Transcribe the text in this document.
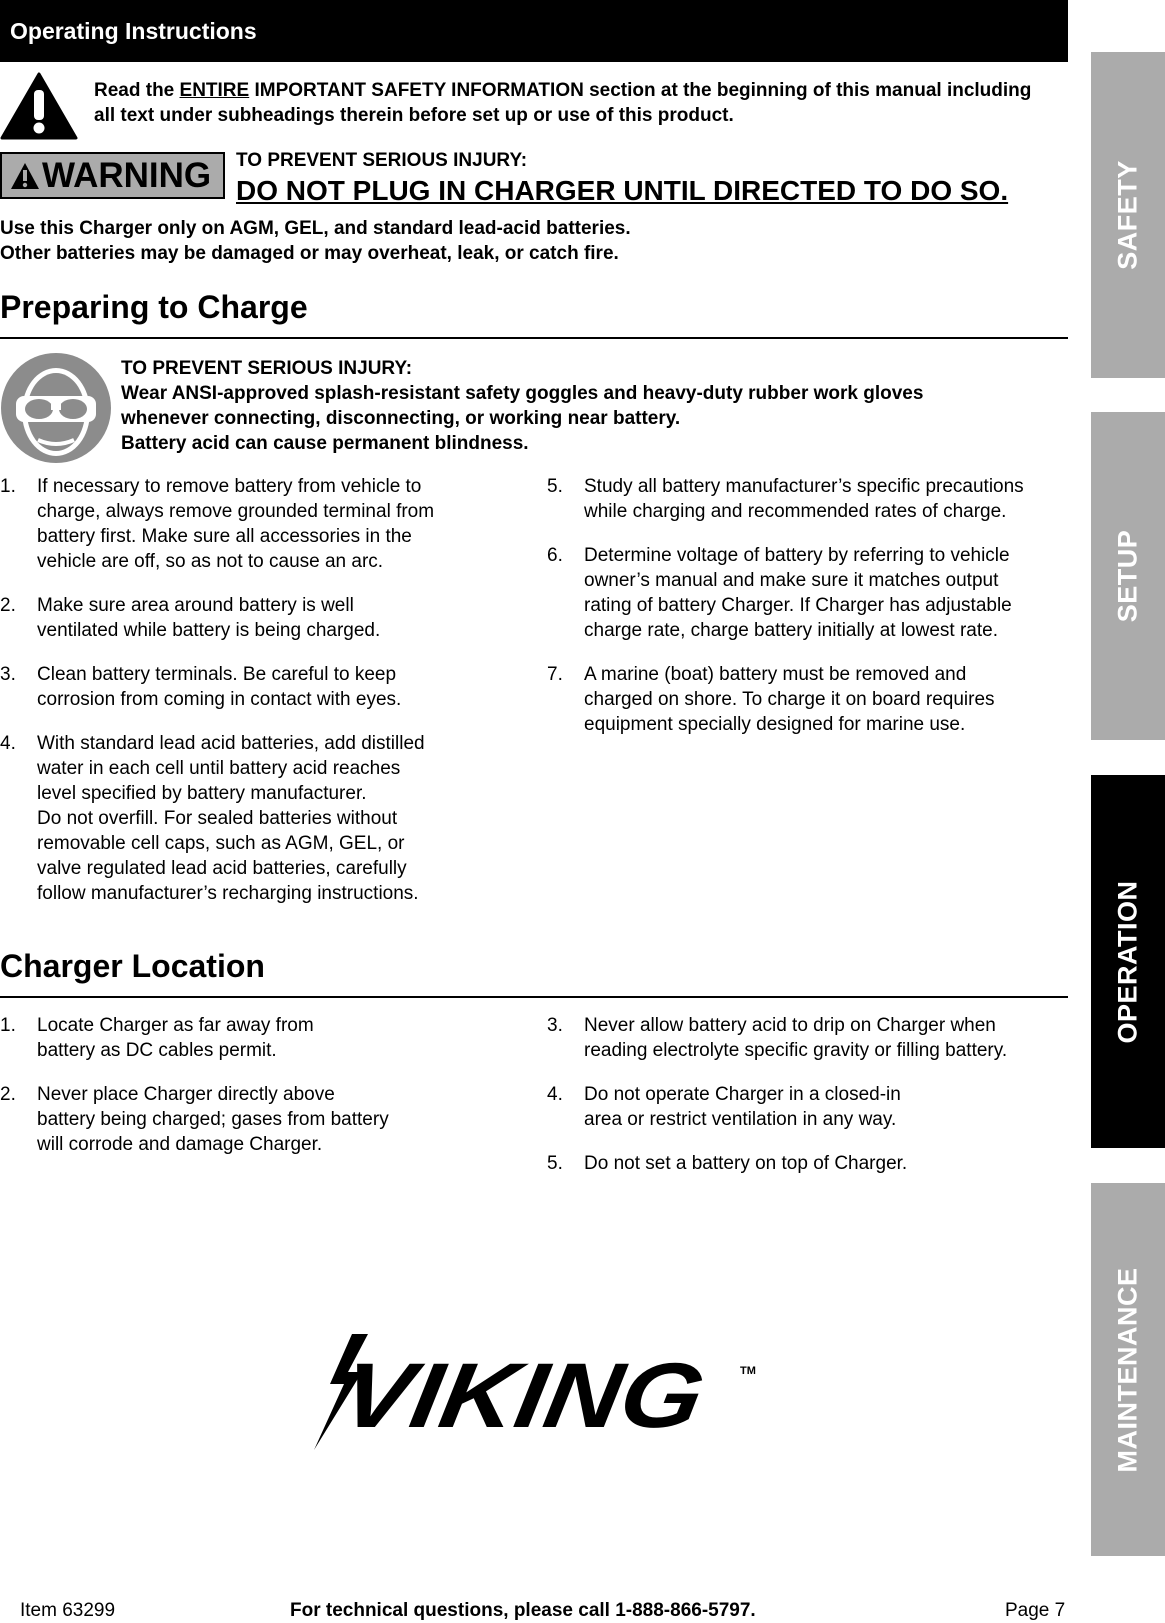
Operating Instructions
Read the ENTIRE IMPORTANT SAFETY INFORMATION section at the beginning of this manual including all text under subheadings therein before set up or use of this product.
WARNING TO PREVENT SERIOUS INJURY:
DO NOT PLUG IN CHARGER UNTIL DIRECTED TO DO SO.
Use this Charger only on AGM, GEL, and standard lead-acid batteries.
Other batteries may be damaged or may overheat, leak, or catch fire.
Preparing to Charge
TO PREVENT SERIOUS INJURY:
Wear ANSI-approved splash-resistant safety goggles and heavy-duty rubber work gloves
whenever connecting, disconnecting, or working near battery.
Battery acid can cause permanent blindness.
1. If necessary to remove battery from vehicle to
charge, always remove grounded terminal from
battery first. Make sure all accessories in the
vehicle are off, so as not to cause an arc.
2. Make sure area around battery is well
ventilated while battery is being charged.
3. Clean battery terminals. Be careful to keep
corrosion from coming in contact with eyes.
4. With standard lead acid batteries, add distilled
water in each cell until battery acid reaches
level specified by battery manufacturer.
Do not overfill. For sealed batteries without
removable cell caps, such as AGM, GEL, or
valve regulated lead acid batteries, carefully
follow manufacturer’s recharging instructions.
5. Study all battery manufacturer’s specific precautions
while charging and recommended rates of charge.
6. Determine voltage of battery by referring to vehicle
owner’s manual and make sure it matches output
rating of battery Charger. If Charger has adjustable
charge rate, charge battery initially at lowest rate.
7. A marine (boat) battery must be removed and
charged on shore. To charge it on board requires
equipment specially designed for marine use.
Charger Location
1. Locate Charger as far away from
battery as DC cables permit.
2. Never place Charger directly above
battery being charged; gases from battery
will corrode and damage Charger.
3. Never allow battery acid to drip on Charger when
reading electrolyte specific gravity or filling battery.
4. Do not operate Charger in a closed-in
area or restrict ventilation in any way.
5. Do not set a battery on top of Charger.
VIKING	TM
SAFETY
SETUP
OPERATION
MAINTENANCE
Item 63299	For technical questions, please call 1-888-866-5797.	Page 7
